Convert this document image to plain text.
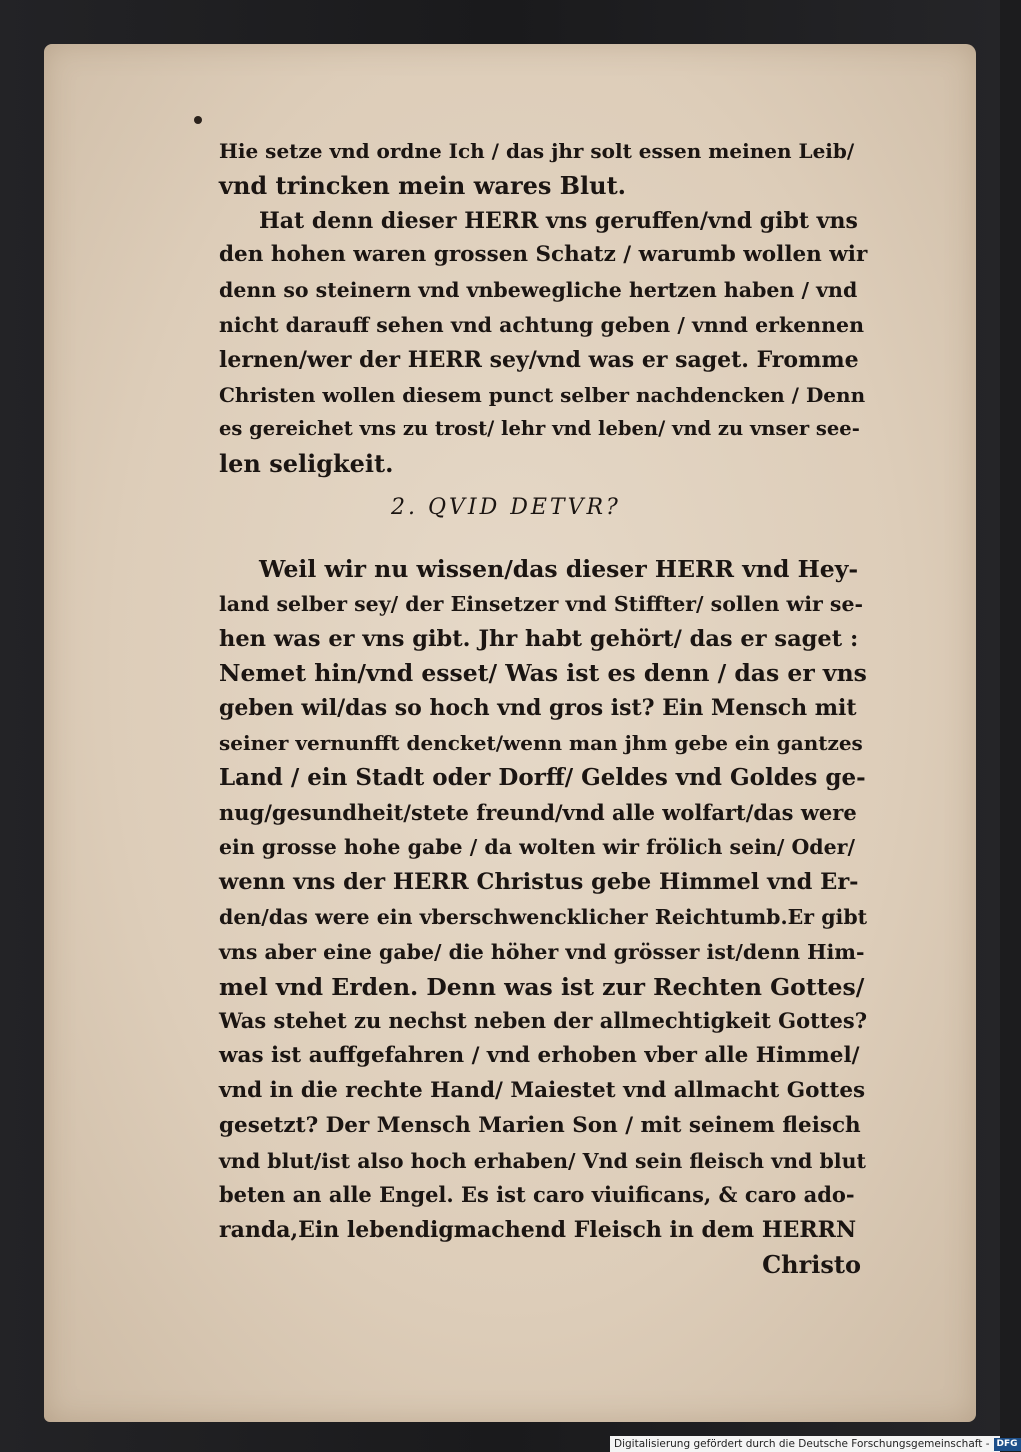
Hie setze vnd ordne Ich / das jhr solt essen meinen Leib/
vnd trincken mein wares Blut.
Hat denn dieser HERR vns geruffen/vnd gibt vns
den hohen waren grossen Schatz / warumb wollen wir
denn so steinern vnd vnbewegliche hertzen haben / vnd
nicht darauff sehen vnd achtung geben / vnnd erkennen
lernen/wer der HERR sey/vnd was er saget. Fromme
Christen wollen diesem punct selber nachdencken / Denn
es gereichet vns zu trost/ lehr vnd leben/ vnd zu vnser see-
len seligkeit.
2. QVID DETVR?
Weil wir nu wissen/das dieser HERR vnd Hey-
land selber sey/ der Einsetzer vnd Stiffter/ sollen wir se-
hen was er vns gibt. Jhr habt gehört/ das er saget :
Nemet hin/vnd esset/ Was ist es denn / das er vns
geben wil/das so hoch vnd gros ist? Ein Mensch mit
seiner vernunfft dencket/wenn man jhm gebe ein gantzes
Land / ein Stadt oder Dorff/ Geldes vnd Goldes ge-
nug/gesundheit/stete freund/vnd alle wolfart/das were
ein grosse hohe gabe / da wolten wir frölich sein/ Oder/
wenn vns der HERR Christus gebe Himmel vnd Er-
den/das were ein vberschwencklicher Reichtumb.Er gibt
vns aber eine gabe/ die höher vnd grösser ist/denn Him-
mel vnd Erden. Denn was ist zur Rechten Gottes/
Was stehet zu nechst neben der allmechtigkeit Gottes?
was ist auffgefahren / vnd erhoben vber alle Himmel/
vnd in die rechte Hand/ Maiestet vnd allmacht Gottes
gesetzt? Der Mensch Marien Son / mit seinem fleisch
vnd blut/ist also hoch erhaben/ Vnd sein fleisch vnd blut
beten an alle Engel. Es ist caro viuificans, & caro ado-
randa,Ein lebendigmachend Fleisch in dem HERRN
Christo
Digitalisierung gefördert durch die Deutsche Forschungsgemeinschaft - DFG
